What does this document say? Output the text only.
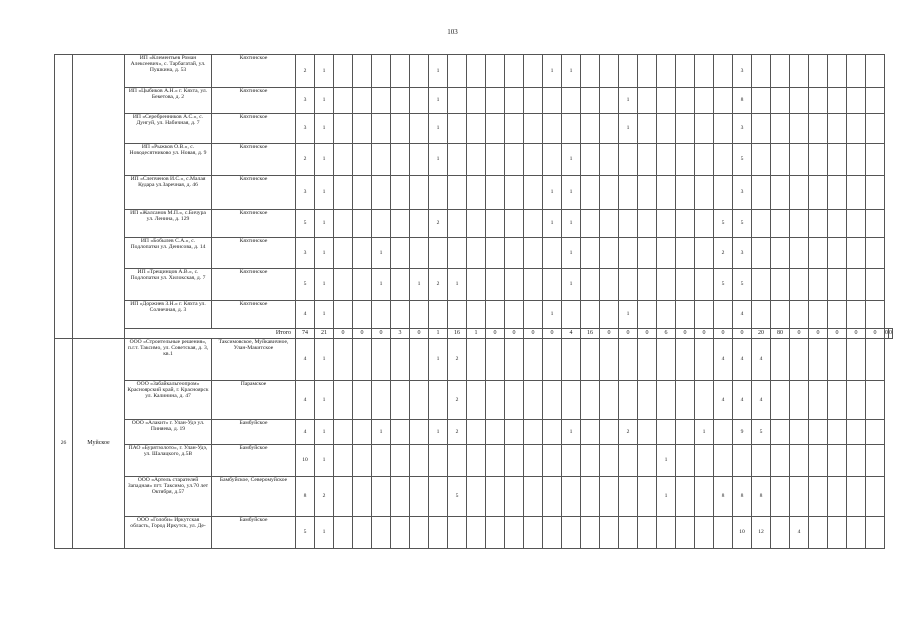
103
		ИП «Клементьев Роман Алексеевич», с. Тарбагатай, ул. Пушкина, д. 53	Кяхтинское	2	1						1						1	1									3									
		ИП «Цыбиков А.Н.» г. Кяхта, ул. Бекетова, д. 2	Кяхтинское	3	1						1										1						8									
		ИП «Серебренников А.С.», с. Дунгуй, ул. Набичная, д. 7	Кяхтинское	3	1						1										1						3									
		ИП «Рыжков О.В.», с. Новодесятниково ул. Новая, д. 9	Кяхтинское	2	1						1							1									5									
		ИП «Слепченов И.С.», с.Малая Кудара ул.Заречная, д. 46	Кяхтинское	3	1												1	1									3									
		ИП «Жалсанов М.П.», с.Бичура ул. Ленина, д. 129	Кяхтинское	5	1						2						1	1								5	5									
		ИП «Бобылев С.А.», с. Подлопатки ул. Денисова, д. 14	Кяхтинское	3	1			1										1								2	3									
		ИП «Трещинцов А.В.», с. Подлопатки ул. Хилокская, д. 7	Кяхтинское	5	1			1		1	2	1						1								5	5									
		ИП «Доржиев З.Н.» г. Кяхта ул. Солнечная, д. 3	Кяхтинское	4	1												1				1						4									
		Итого		74	21	0	0	0	3	0	1	16	1	0	0	0	0	4	16	0	0	0	6	0	0	0	0	20	80	0	0	0	0	0	0	0
26	Муйское	ООО «Строительные решения», п.г.т. Таксимо, ул. Советская, д. 3, кв.1	Таксимовское, Муйкавичное, Улан-Макитское	4	1						1	2														4	4	4								
		ООО «Забайкальгеопром» Красноярский край, г. Красноярск ул. Калинина, д. 47	Парамское	4	1							2														4	4	4								
		ООО «Алакит» г. Улан-Удэ ул. Пиняева, д. 19	Бамбуйское	4	1			1			1	2						1			2				1		9	5								
		ПАО «Бурятзолото», г. Улан-Удэ, ул. Шалацкого, д.5В	Бамбуйское	10	1																		1													
		ООО «Артель старателей Западная» пгт. Таксимо, ул.70 лет Октября, д.57	Бамбуйское, Северомуйское	8	2							5											1			8	8	8								
		ООО «Голоби» Иркутская область, Город Иркутск, ул. Де-	Бамбуйское	5	1																						10	12		4						
